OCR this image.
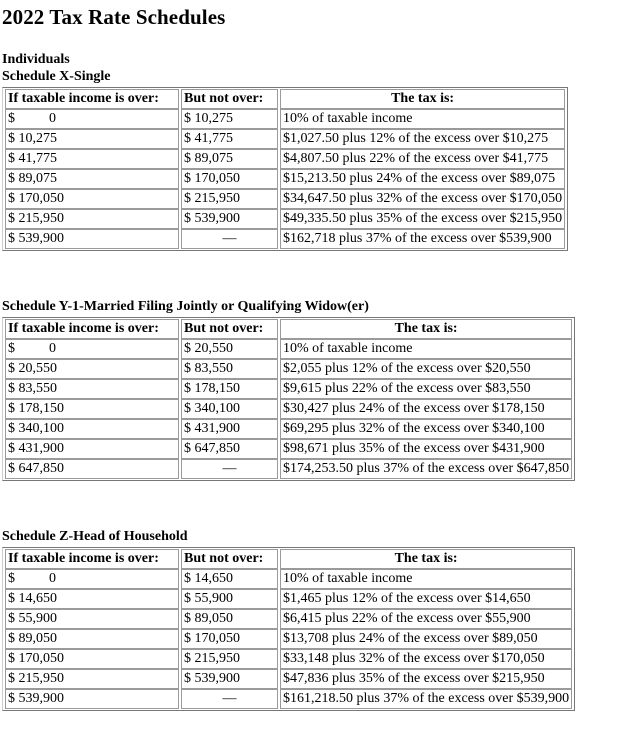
2022 Tax Rate Schedules
Individuals
Schedule X-Single
If taxable income is over:	But not over:	The tax is:
$ 0	$ 10,275	10% of taxable income
$ 10,275	$ 41,775	$1,027.50 plus 12% of the excess over $10,275
$ 41,775	$ 89,075	$4,807.50 plus 22% of the excess over $41,775
$ 89,075	$ 170,050	$15,213.50 plus 24% of the excess over $89,075
$ 170,050	$ 215,950	$34,647.50 plus 32% of the excess over $170,050
$ 215,950	$ 539,900	$49,335.50 plus 35% of the excess over $215,950
$ 539,900	—	$162,718 plus 37% of the excess over $539,900
Schedule Y-1-Married Filing Jointly or Qualifying Widow(er)
If taxable income is over:	But not over:	The tax is:
$ 0	$ 20,550	10% of taxable income
$ 20,550	$ 83,550	$2,055 plus 12% of the excess over $20,550
$ 83,550	$ 178,150	$9,615 plus 22% of the excess over $83,550
$ 178,150	$ 340,100	$30,427 plus 24% of the excess over $178,150
$ 340,100	$ 431,900	$69,295 plus 32% of the excess over $340,100
$ 431,900	$ 647,850	$98,671 plus 35% of the excess over $431,900
$ 647,850	—	$174,253.50 plus 37% of the excess over $647,850
Schedule Z-Head of Household
If taxable income is over:	But not over:	The tax is:
$ 0	$ 14,650	10% of taxable income
$ 14,650	$ 55,900	$1,465 plus 12% of the excess over $14,650
$ 55,900	$ 89,050	$6,415 plus 22% of the excess over $55,900
$ 89,050	$ 170,050	$13,708 plus 24% of the excess over $89,050
$ 170,050	$ 215,950	$33,148 plus 32% of the excess over $170,050
$ 215,950	$ 539,900	$47,836 plus 35% of the excess over $215,950
$ 539,900	—	$161,218.50 plus 37% of the excess over $539,900
